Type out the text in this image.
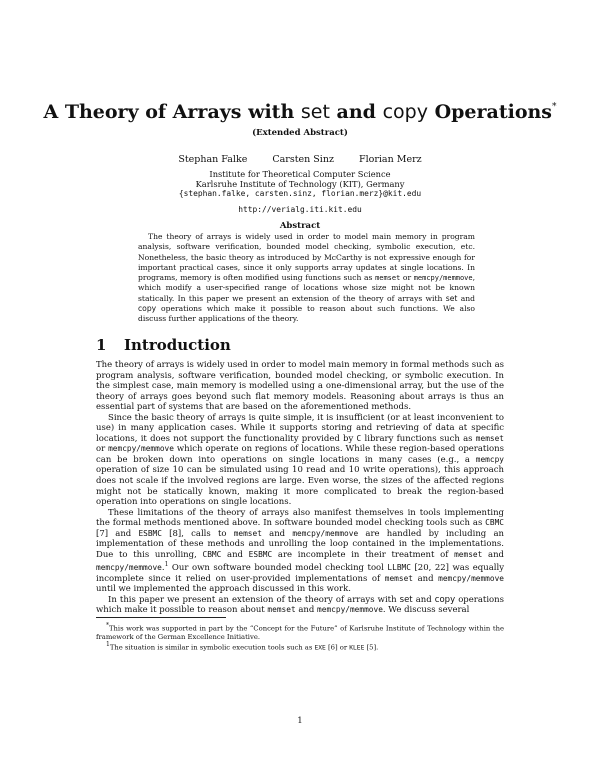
A Theory of Arrays with set and copy Operations*
(Extended Abstract)
Stephan Falke	Carsten Sinz	Florian Merz
Institute for Theoretical Computer Science
Karlsruhe Institute of Technology (KIT), Germany
{stephan.falke, carsten.sinz, florian.merz}@kit.edu
http://verialg.iti.kit.edu
Abstract

The theory of arrays is widely used in order to model main memory in program analysis, software verification, bounded model checking, symbolic execution, etc. Nonetheless, the basic theory as introduced by McCarthy is not expressive enough for important practical cases, since it only supports array updates at single locations. In programs, memory is often modified using functions such as memset or memcpy/memmove, which modify a user-specified range of locations whose size might not be known statically. In this paper we present an extension of the theory of arrays with set and copy operations which make it possible to reason about such functions. We also discuss further applications of the theory.

1 Introduction

The theory of arrays is widely used in order to model main memory in formal methods such as program analysis, software verification, bounded model checking, or symbolic execution. In the simplest case, main memory is modelled using a one-dimensional array, but the use of the theory of arrays goes beyond such flat memory models. Reasoning about arrays is thus an essential part of systems that are based on the aforementioned methods.

Since the basic theory of arrays is quite simple, it is insufficient (or at least inconvenient to use) in many application cases. While it supports storing and retrieving of data at specific locations, it does not support the functionality provided by C library functions such as memset or memcpy/memmove which operate on regions of locations. While these region-based operations can be broken down into operations on single locations in many cases (e.g., a memcpy operation of size 10 can be simulated using 10 read and 10 write operations), this approach does not scale if the involved regions are large. Even worse, the sizes of the affected regions might not be statically known, making it more complicated to break the region-based operation into operations on single locations.

These limitations of the theory of arrays also manifest themselves in tools implementing the formal methods mentioned above. In software bounded model checking tools such as CBMC [7] and ESBMC [8], calls to memset and memcpy/memmove are handled by including an implementation of these methods and unrolling the loop contained in the implementations. Due to this unrolling, CBMC and ESBMC are incomplete in their treatment of memset and memcpy/memmove.$^1$ Our own software bounded model checking tool LLBMC [20, 22] was equally incomplete since it relied on user-provided implementations of memset and memcpy/memmove until we implemented the approach discussed in this work.

In this paper we present an extension of the theory of arrays with set and copy operations which make it possible to reason about memset and memcpy/memmove. We discuss several

*This work was supported in part by the “Concept for the Future” of Karlsruhe Institute of Technology within the framework of the German Excellence Initiative.

$^1$The situation is similar in symbolic execution tools such as EXE [6] or KLEE [5].

1
